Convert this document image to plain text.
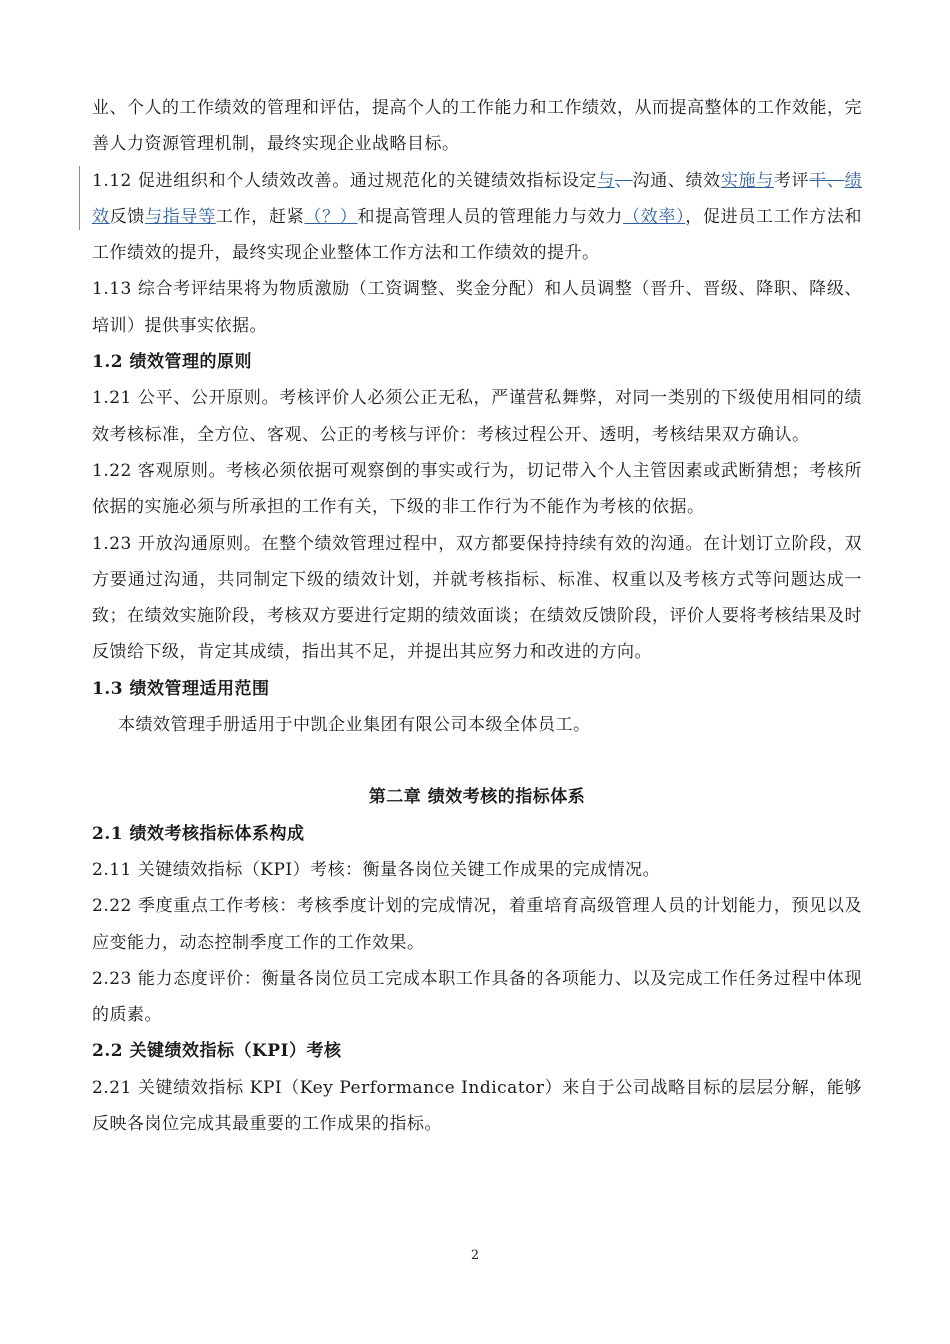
业、个人的工作绩效的管理和评估，提高个人的工作能力和工作绩效，从而提高整体的工作效能，完善人力资源管理机制，最终实现企业战略目标。

1.12 促进组织和个人绩效改善。通过规范化的关键绩效指标设定与、沟通、绩效实施与考评干、绩效反馈与指导等工作，赶紧（？）和提高管理人员的管理能力与效力（效率），促进员工工作方法和工作绩效的提升，最终实现企业整体工作方法和工作绩效的提升。

1.13 综合考评结果将为物质激励（工资调整、奖金分配）和人员调整（晋升、晋级、降职、降级、培训）提供事实依据。

1.2 绩效管理的原则

1.21 公平、公开原则。考核评价人必须公正无私，严谨营私舞弊，对同一类别的下级使用相同的绩效考核标准，全方位、客观、公正的考核与评价：考核过程公开、透明，考核结果双方确认。

1.22 客观原则。考核必须依据可观察倒的事实或行为，切记带入个人主管因素或武断猜想；考核所依据的实施必须与所承担的工作有关，下级的非工作行为不能作为考核的依据。

1.23 开放沟通原则。在整个绩效管理过程中，双方都要保持持续有效的沟通。在计划订立阶段，双方要通过沟通，共同制定下级的绩效计划，并就考核指标、标准、权重以及考核方式等问题达成一致；在绩效实施阶段，考核双方要进行定期的绩效面谈；在绩效反馈阶段，评价人要将考核结果及时反馈给下级，肯定其成绩，指出其不足，并提出其应努力和改进的方向。

1.3 绩效管理适用范围

本绩效管理手册适用于中凯企业集团有限公司本级全体员工。

第二章 绩效考核的指标体系

2.1 绩效考核指标体系构成

2.11 关键绩效指标（KPI）考核：衡量各岗位关键工作成果的完成情况。

2.22 季度重点工作考核：考核季度计划的完成情况，着重培育高级管理人员的计划能力，预见以及应变能力，动态控制季度工作的工作效果。

2.23 能力态度评价：衡量各岗位员工完成本职工作具备的各项能力、以及完成工作任务过程中体现的质素。

2.2 关键绩效指标（KPI）考核

2.21 关键绩效指标 KPI（Key Performance Indicator）来自于公司战略目标的层层分解，能够反映各岗位完成其最重要的工作成果的指标。

2
